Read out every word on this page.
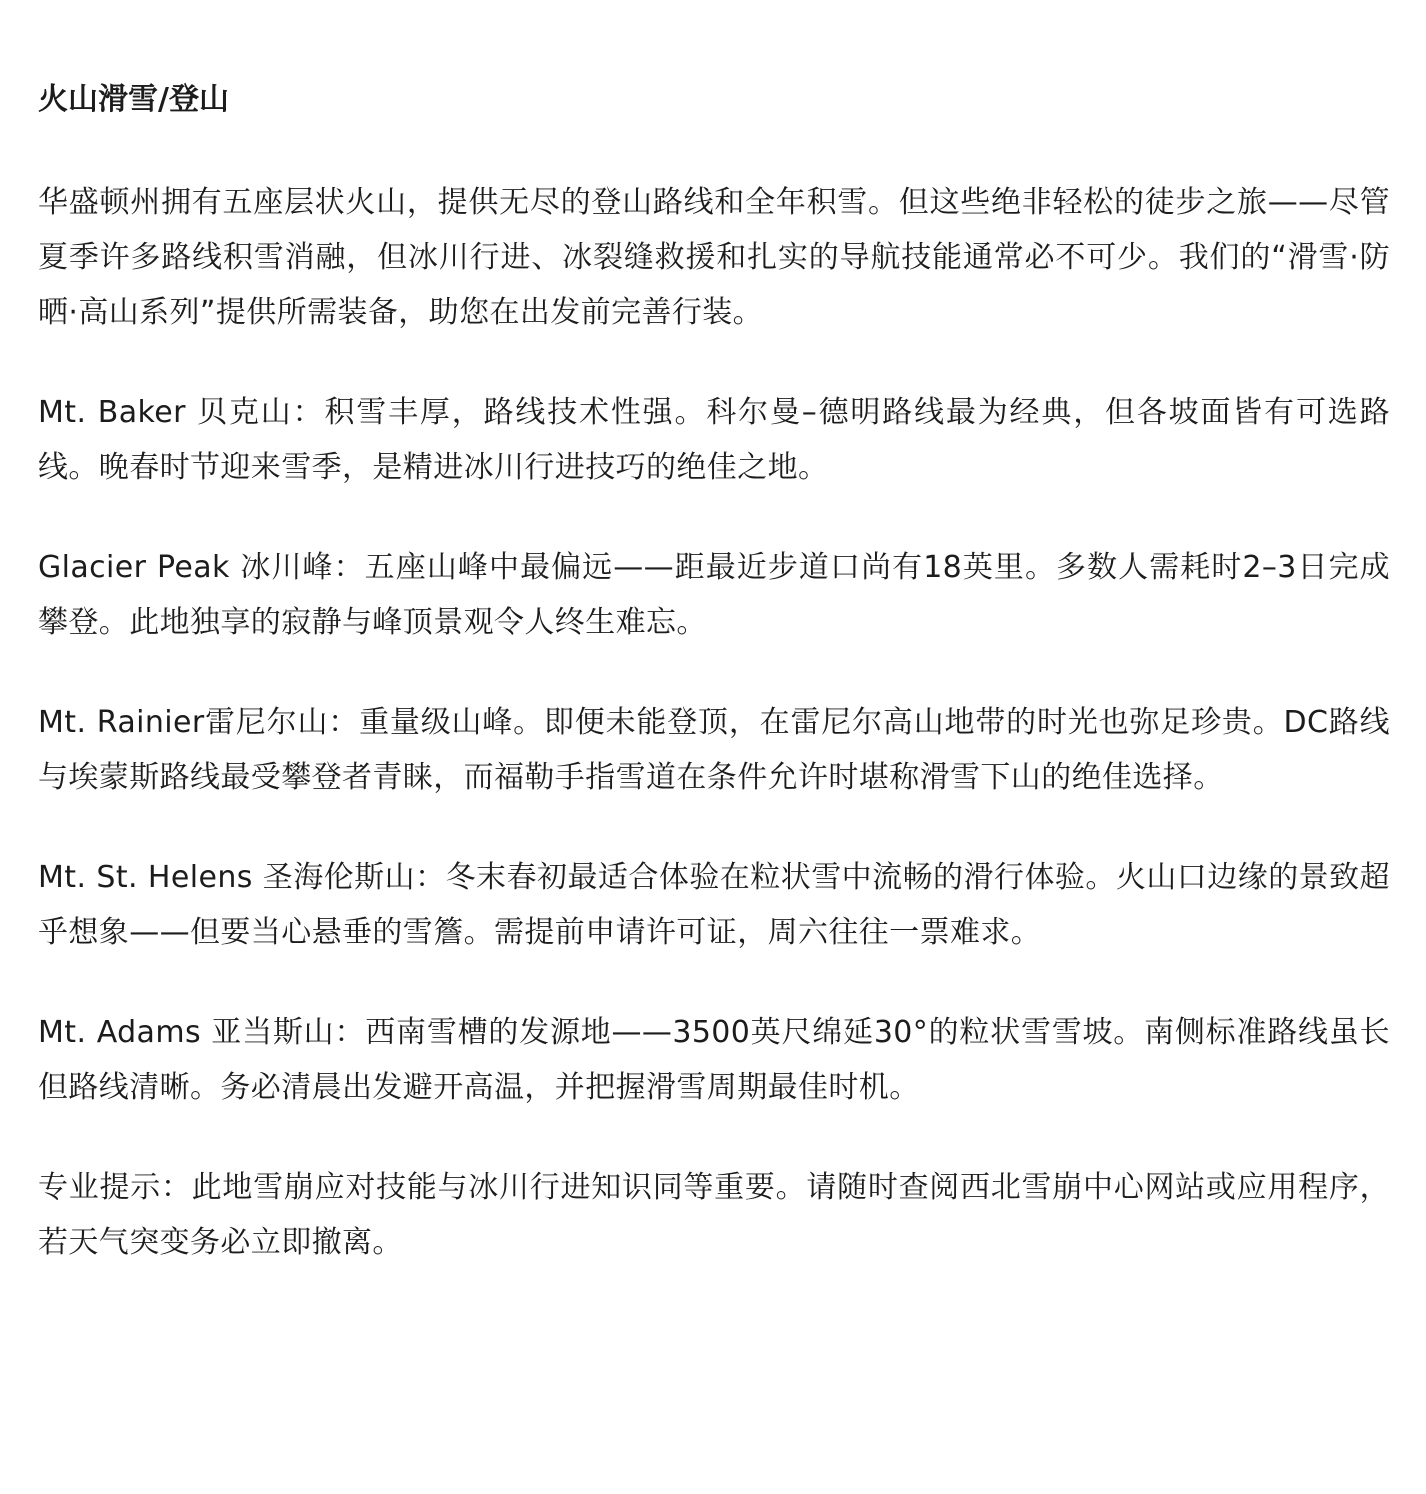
火山滑雪/登山

华盛顿州拥有五座层状火山，提供无尽的登山路线和全年积雪。但这些绝非轻松的徒步之旅——尽管夏季许多路线积雪消融，但冰川行进、冰裂缝救援和扎实的导航技能通常必不可少。我们的“滑雪·防晒·高山系列”提供所需装备，助您在出发前完善行装。

Mt. Baker 贝克山：积雪丰厚，路线技术性强。科尔曼–德明路线最为经典，但各坡面皆有可选路线。晚春时节迎来雪季，是精进冰川行进技巧的绝佳之地。

Glacier Peak 冰川峰：五座山峰中最偏远——距最近步道口尚有18英里。多数人需耗时2–3日完成攀登。此地独享的寂静与峰顶景观令人终生难忘。

Mt. Rainier雷尼尔山：重量级山峰。即便未能登顶，在雷尼尔高山地带的时光也弥足珍贵。DC路线与埃蒙斯路线最受攀登者青睐，而福勒手指雪道在条件允许时堪称滑雪下山的绝佳选择。

Mt. St. Helens 圣海伦斯山：冬末春初最适合体验在粒状雪中流畅的滑行体验。火山口边缘的景致超乎想象——但要当心悬垂的雪簷。需提前申请许可证，周六往往一票难求。

Mt. Adams 亚当斯山：西南雪槽的发源地——3500英尺绵延30°的粒状雪雪坡。南侧标准路线虽长但路线清晰。务必清晨出发避开高温，并把握滑雪周期最佳时机。

专业提示：此地雪崩应对技能与冰川行进知识同等重要。请随时查阅西北雪崩中心网站或应用程序，若天气突变务必立即撤离。
